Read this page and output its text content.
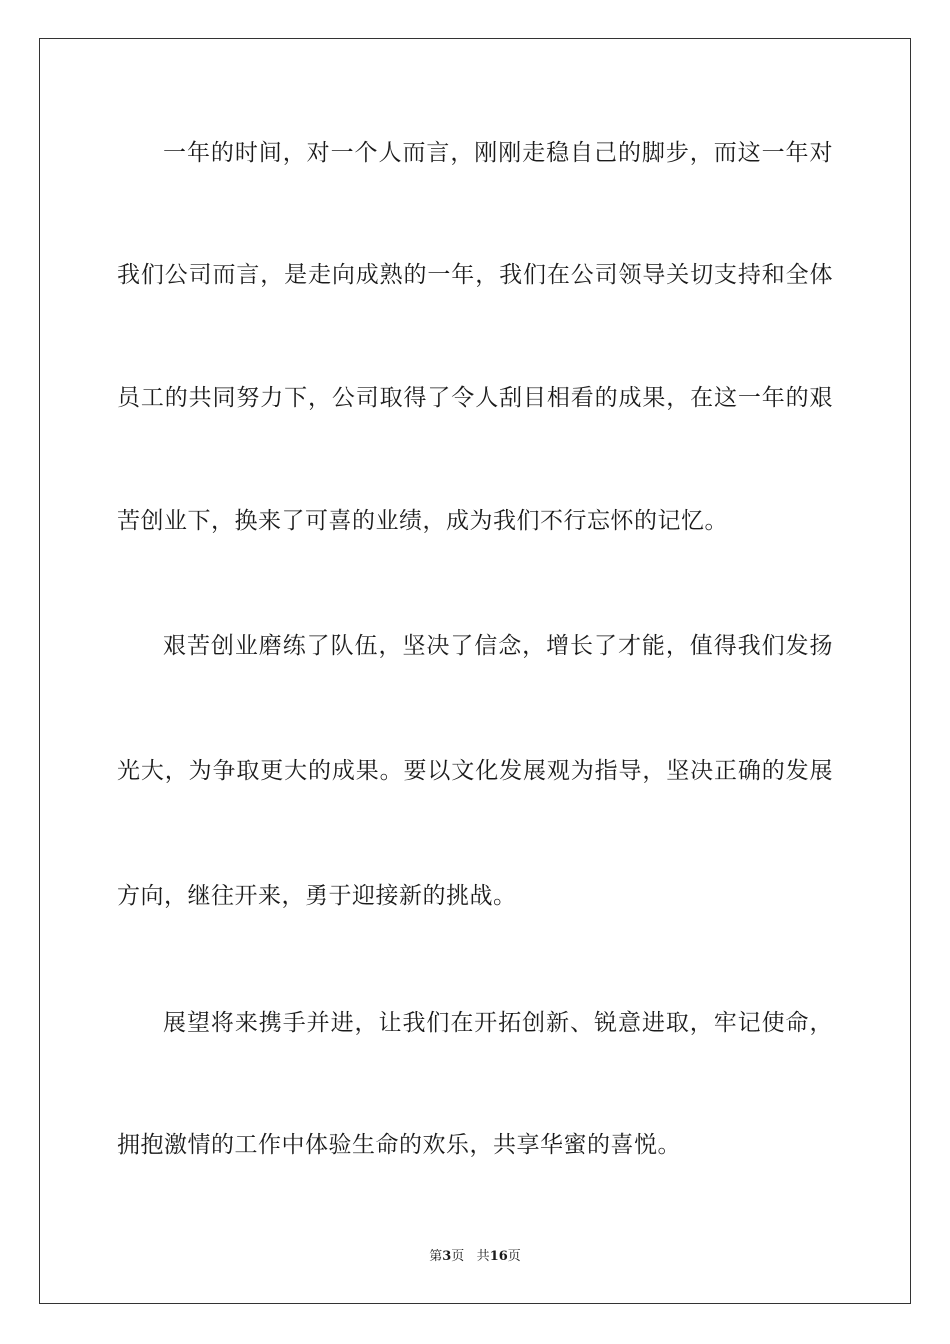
一年的时间，对一个人而言，刚刚走稳自己的脚步，而这一年对
我们公司而言，是走向成熟的一年，我们在公司领导关切支持和全体
员工的共同努力下，公司取得了令人刮目相看的成果，在这一年的艰
苦创业下，换来了可喜的业绩，成为我们不行忘怀的记忆。
艰苦创业磨练了队伍，坚决了信念，增长了才能，值得我们发扬
光大，为争取更大的成果。要以文化发展观为指导，坚决正确的发展
方向，继往开来，勇于迎接新的挑战。
展望将来携手并进，让我们在开拓创新、锐意进取，牢记使命，
拥抱激情的工作中体验生命的欢乐，共享华蜜的喜悦。
第3页 共16页
